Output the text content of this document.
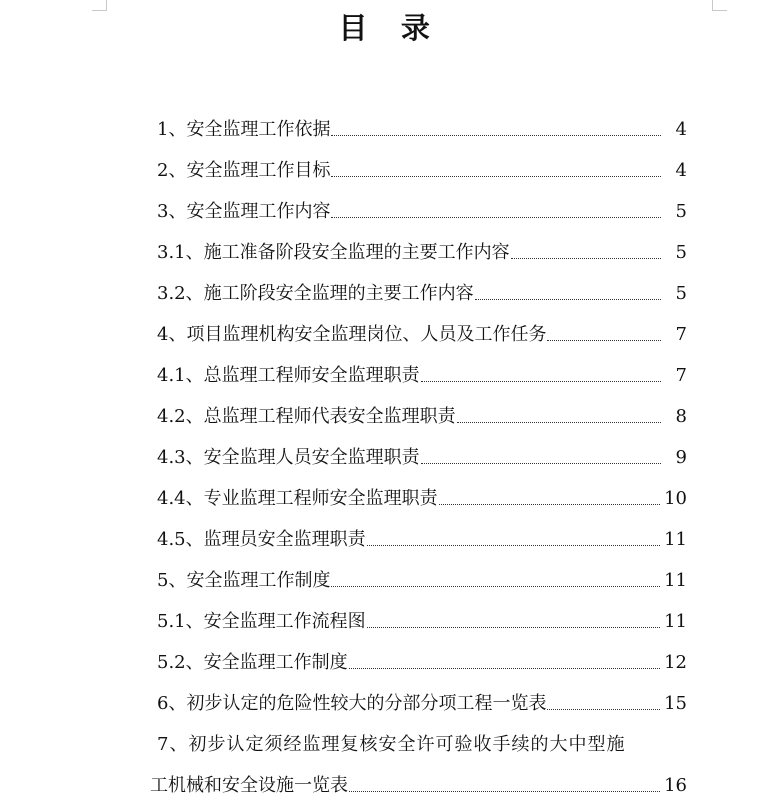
目 录
1、安全监理工作依据	4
2、安全监理工作目标	4
3、安全监理工作内容	5
3.1、施工准备阶段安全监理的主要工作内容	5
3.2、施工阶段安全监理的主要工作内容	5
4、项目监理机构安全监理岗位、人员及工作任务	7
4.1、总监理工程师安全监理职责	7
4.2、总监理工程师代表安全监理职责	8
4.3、安全监理人员安全监理职责	9
4.4、专业监理工程师安全监理职责	10
4.5、监理员安全监理职责	11
5、安全监理工作制度	11
5.1、安全监理工作流程图	11
5.2、安全监理工作制度	12
6、初步认定的危险性较大的分部分项工程一览表	15
7、初步认定须经监理复核安全许可验收手续的大中型施
工机械和安全设施一览表	16
